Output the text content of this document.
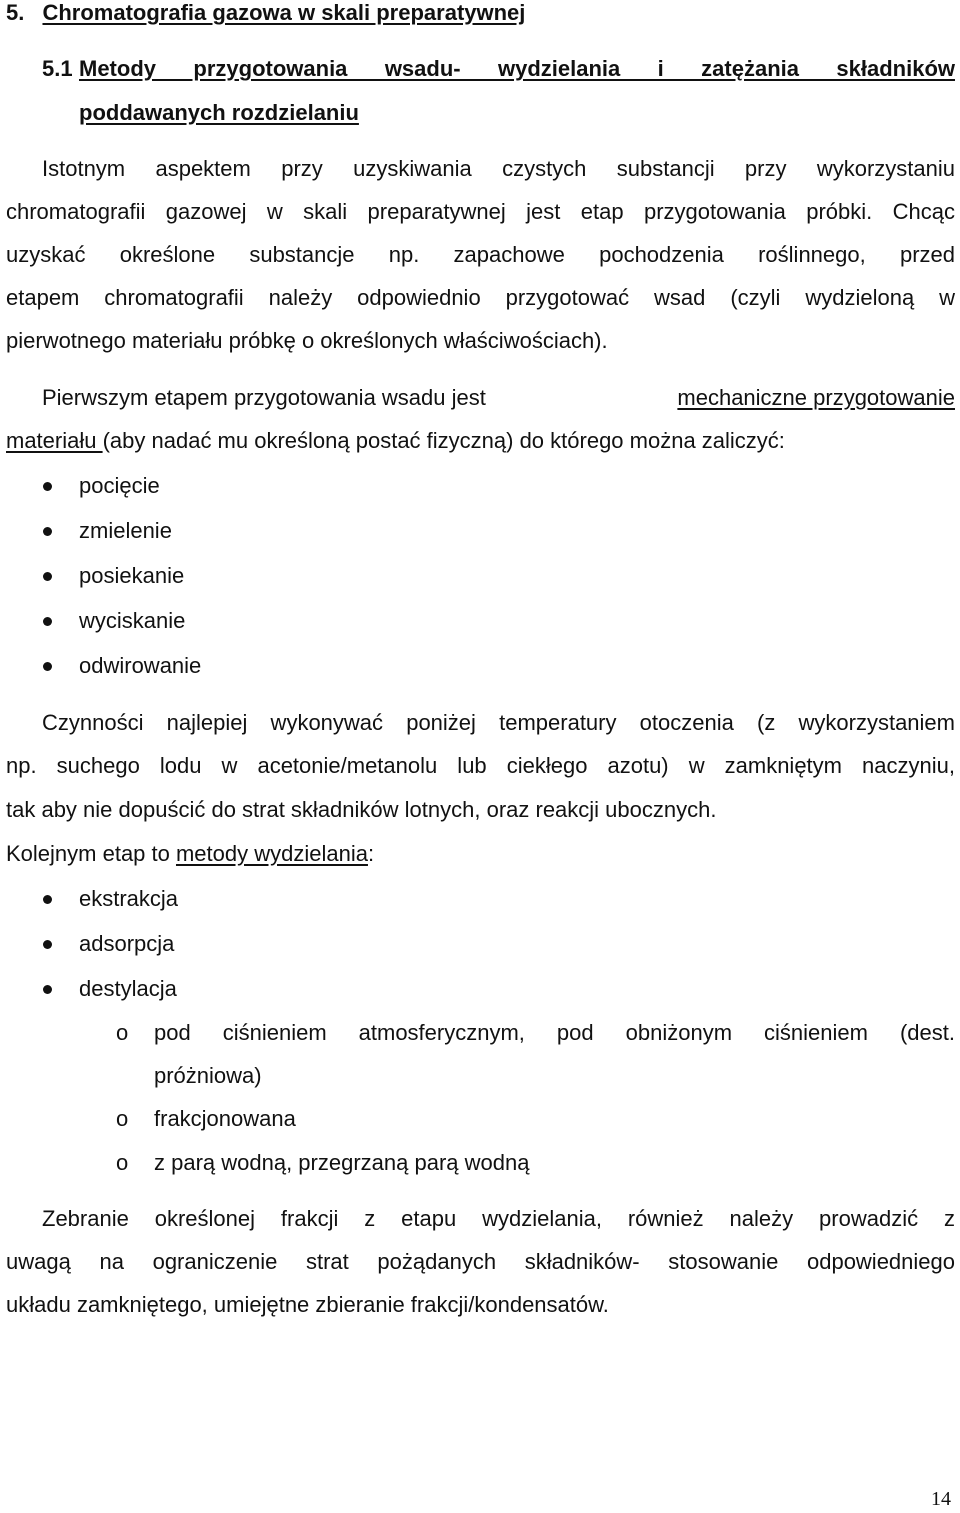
5. Chromatografia gazowa w skali preparatywnej
5.1 Metody przygotowania wsadu- wydzielania i zatężania składników
poddawanych rozdzielaniu
Istotnym aspektem przy uzyskiwania czystych substancji przy wykorzystaniu
chromatografii gazowej w skali preparatywnej jest etap przygotowania próbki. Chcąc
uzyskać określone substancje np. zapachowe pochodzenia roślinnego, przed
etapem chromatografii należy odpowiednio przygotować wsad (czyli wydzieloną w
pierwotnego materiału próbkę o określonych właściwościach).
Pierwszym etapem przygotowania wsadu jest	mechaniczne przygotowanie
materiału (aby nadać mu określoną postać fizyczną) do którego można zaliczyć:
pocięcie
zmielenie
posiekanie
wyciskanie
odwirowanie
Czynności najlepiej wykonywać poniżej temperatury otoczenia (z wykorzystaniem
np. suchego lodu w acetonie/metanolu lub ciekłego azotu) w zamkniętym naczyniu,
tak aby nie dopuścić do strat składników lotnych, oraz reakcji ubocznych.
Kolejnym etap to metody wydzielania:
ekstrakcja
adsorpcja
destylacja
o pod ciśnieniem atmosferycznym, pod obniżonym ciśnieniem (dest.
próżniowa)
o frakcjonowana
o z parą wodną, przegrzaną parą wodną
Zebranie określonej frakcji z etapu wydzielania, również należy prowadzić z
uwagą na ograniczenie strat pożądanych składników- stosowanie odpowiedniego
układu zamkniętego, umiejętne zbieranie frakcji/kondensatów.
14
